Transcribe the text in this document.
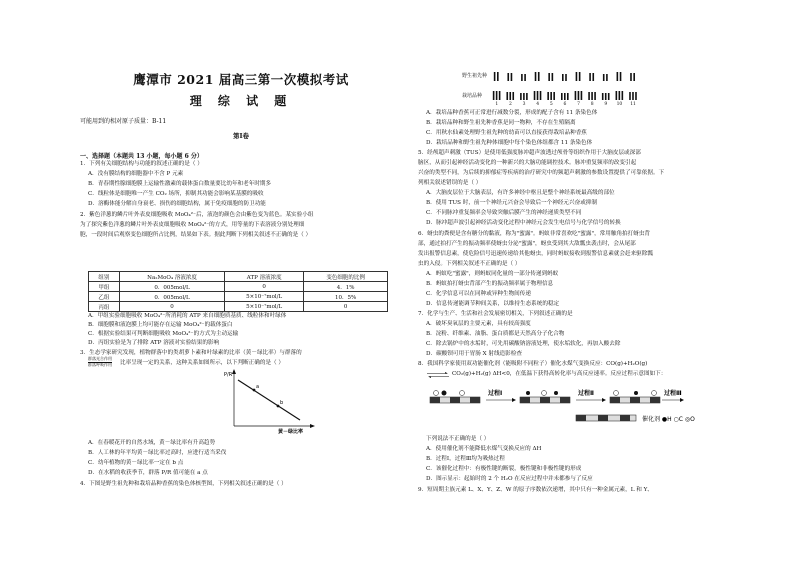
鹰潭市 2021 届高三第一次模拟考试
理 综 试 题
可能用到的相对原子质量：B-11
第Ⅰ卷
一、选择题（本题共 13 小题，每小题 6 分）
1．下列有关细胞结构与功能的叙述正确的是（ ）
A．没有膜结构的细胞器中不含 P 元素
B．青春期性腺细胞膜上运输性激素的载体蛋白数量要比幼年和老年时期多
C．线粒体是细胞唯一产生 CO₂ 场所，抑制其功能会影响某基膜的吸收
D．溶酶体能分解自身衰老、损伤的细胞结构，属于免疫细胞的防卫功能
2．紫色洋葱的鳞片叶外表皮细胞吸收 MoO₄²⁻后，液泡的颜色会由紫色变为蓝色。某实验小组
为了探究紫色洋葱的鳞片叶外表皮细胞吸收 MoO₄²⁻的方式，用等量的下表溶液分别处理细
胞，一段时间后观察变色细胞所占比例，结果如下表。据此判断下列相关叙述不正确的是（ ）
组别	Na₂MoO₄ 溶液浓度	ATP 溶液浓度	变色细胞的比例
甲组	0．005mol/L	0	4．1%
乙组	0．005mol/L	5×10⁻⁷mol/L	10．5%
丙组	0	5×10⁻⁷mol/L	0
A．甲组实验细胞吸收 MoO₄²⁻所消耗的 ATP 来自细胞质基质、线粒体和叶绿体
B．细胞膜和液泡膜上均可能存在运输 MoO₄²⁻的载体蛋白
C．根据实验结果可判断细胞吸收 MoO₄²⁻的方式为主动运输
D．丙组实验是为了排除 ATP 溶液对实验结果的影响
3．生态学家研究发现，植物群落中的类胡萝卜素和叶绿素的比率（黄－绿比率）与群落的
群落光合作用
群落呼吸作用 比率呈现一定的关系，这种关系如图所示，以下判断正确的是（ ）
a
b
P/R
黄－绿比率
A．在春暖花开的自然水域，黄－绿比率有升高趋势
B．人工林的年平均黄－绿比率过高时，应进行适当采伐
C．幼年植物的黄－绿比率一定在 b 点
D．在水稻的收获季节，群落 P/R 值可能在 a 点
4．下图是野生祖先种和栽培品种香蕉的染色体核型图，下列相关叙述正确的是（ ）
野生祖先种
栽培品种
1 2 3 4 5 6 7 8 9 10 11
A．栽培品种香蕉可正常进行减数分裂，形成的配子含有 11 条染色体
B．栽培品种和野生祖先种香蕉是同一物种，不存在生殖隔离
C．用秋水仙素处理野生祖先种的幼苗可以直接获得栽培品种香蕉
D．栽培品种和野生祖先种体细胞中每个染色体组都含 11 条染色体
5．经颅超声刺激（TUS）是使用低强度脉冲超声波透过颅骨等组织作用于大脑皮层或深部
脑区，从而引起神经活动变化的一种新兴的大脑功能调控技术。脉冲重复频率的改变引起
兴奋的类型不同，为后续的抑郁症等疾病的治疗研究中的频超声刺激的参数设置提供了可靠依据。下
列相关叙述错误的是（ ）
A．大脑皮层位于大脑表层，有许多神经中枢且是整个神经系统最高级的部位
B．使用 TUS 时，前一个神经元兴奋会导致后一个神经元兴奋或抑制
C．不同脉冲重复频率会导致突触后膜产生的神经递质类型不同
D．脉冲超声波引起神经活动变化过程中神经元会发生电信号与化学信号的转换
6．蚜虫的粪便是含有糖分的黏液，称为"蜜露"。蚂蚁非常喜欢吃"蜜露"，常用触角拍打蚜虫背
部，通过拍打产生的振动频率使蚜虫分泌"蜜露"，蚜虫受到其大敌瓢虫袭击时，会从尾部
发出报警信息素，使危险信号迅速传递给其他蚜虫，同时蚂蚁接收到报警信息素就会赶来驱除瓢
虫的入侵。下列相关叙述不正确的是（ ）
A．蚂蚁吃"蜜露"，则蚂蚁同化量的一部分传递到蚂蚁
B．蚂蚁拍打蚜虫背部产生的振动频率属于物理信息
C．化学信息可以在同种或异种生物间传递
D．信息传递能调节种间关系，以维持生态系统的稳定
7．化学与生产、生活和社会发展密切相关，下列叙述正确的是
A．破坏臭氧层的主要元素，具有较高强度
B．淀粉、纤维素、油脂、蛋白质都是天然高分子化合物
C．除去锅炉中的水垢时，可先用碳酸钠溶液处理，使水垢软化，再加入酸去除
D．碳酸钡可用于胃肠 X 射线造影检查
8．我国科学家使用双功能催化剂（能吸附不同粒子）催化水煤气变换反应：CO(g)+H₂O(g)
CO₂(g)+H₂(g) ΔH<0，在低温下获得高转化率与高反应速率。反应过程示意图如下：
过程Ⅰ	过程Ⅱ	过程Ⅲ
催化剂 ●H ○C ◎O
下列说法不正确的是（ ）
A．使用催化剂不能降低水煤气变换反应的 ΔH
B．过程Ⅰ，过程Ⅲ均为吸热过程
C．该催化过程中：有极性键的断裂，极性键和非极性键的形成
D．图示显示：起始时的 2 个 H₂O 在反应过程中并未都参与了反应
9．短周期主族元素 L、X、Y、Z、W 的原子序数依次递增，其中只有一种金属元素，L 和 Y、
